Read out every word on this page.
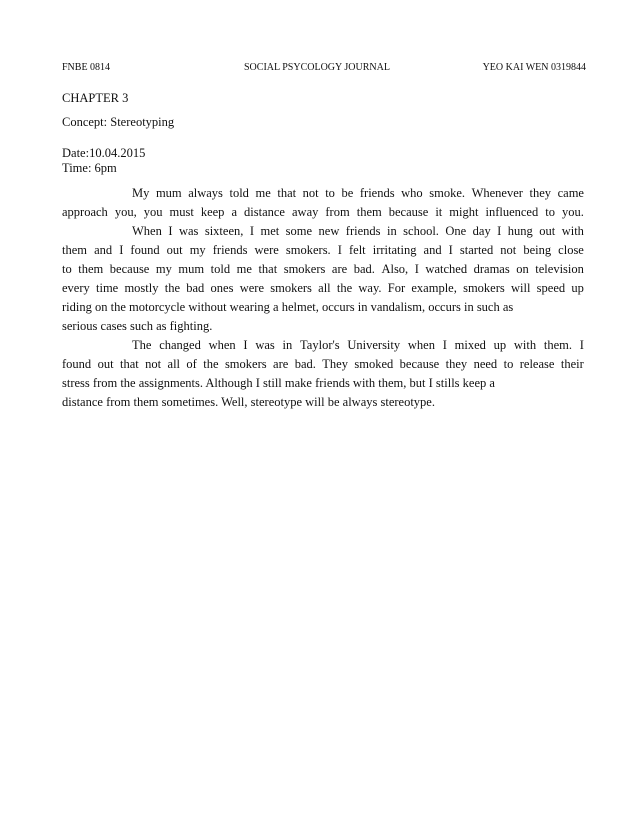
FNBE 0814	SOCIAL PSYCOLOGY JOURNAL	YEO KAI WEN 0319844
CHAPTER 3
Concept: Stereotyping
Date:10.04.2015
Time: 6pm
My mum always told me that not to be friends who smoke. Whenever they came
approach you, you must keep a distance away from them because it might influenced to you.
When I was sixteen, I met some new friends in school. One day I hung out with
them and I found out my friends were smokers. I felt irritating and I started not being close
to them because my mum told me that smokers are bad. Also, I watched dramas on television
every time mostly the bad ones were smokers all the way. For example, smokers will speed up
riding on the motorcycle without wearing a helmet, occurs in vandalism, occurs in such as
serious cases such as fighting.
The changed when I was in Taylor's University when I mixed up with them. I
found out that not all of the smokers are bad. They smoked because they need to release their
stress from the assignments. Although I still make friends with them, but I stills keep a
distance from them sometimes. Well, stereotype will be always stereotype.
